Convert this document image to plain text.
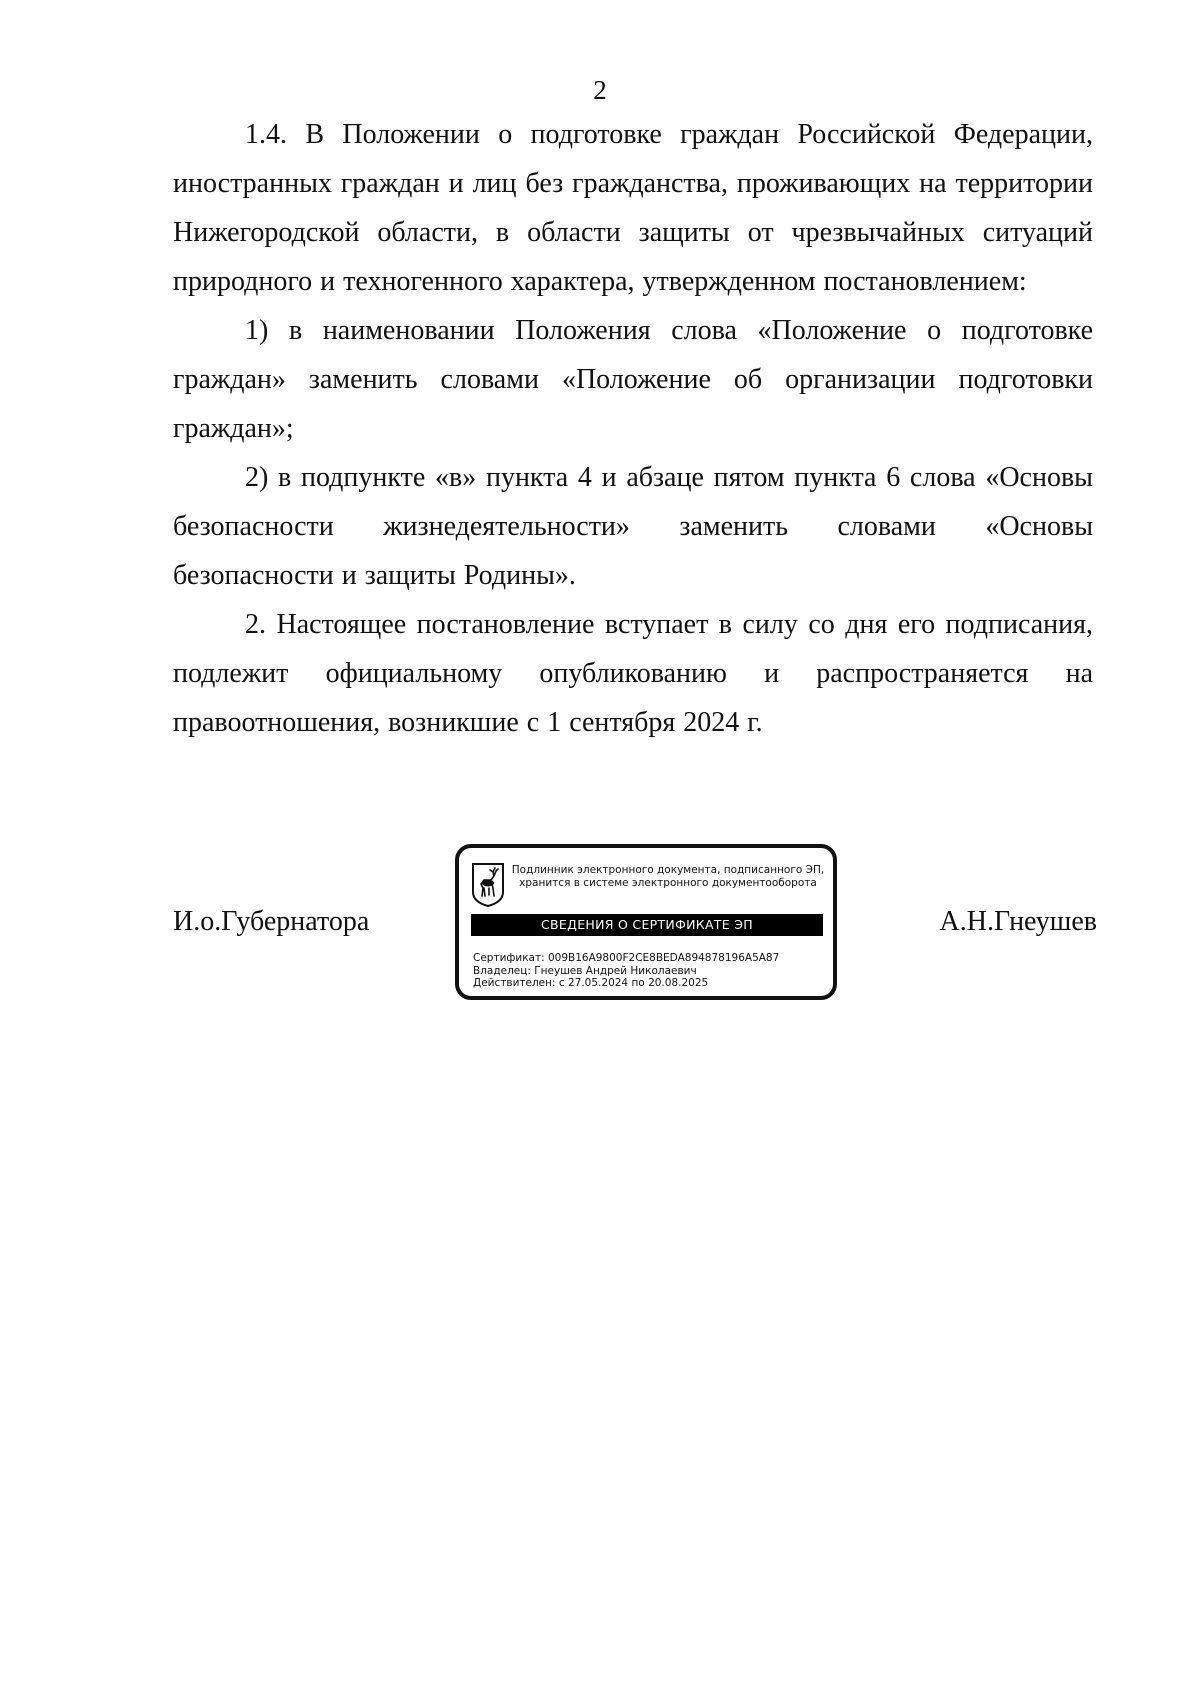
2

1.4. В Положении о подготовке граждан Российской Федерации, иностранных граждан и лиц без гражданства, проживающих на территории Нижегородской области, в области защиты от чрезвычайных ситуаций природного и техногенного характера, утвержденном постановлением:

1) в наименовании Положения слова «Положение о подготовке граждан» заменить словами «Положение об организации подготовки граждан»;

2) в подпункте «в» пункта 4 и абзаце пятом пункта 6 слова «Основы безопасности жизнедеятельности» заменить словами «Основы безопасности и защиты Родины».

2. Настоящее постановление вступает в силу со дня его подписания, подлежит официальному опубликованию и распространяется на правоотношения, возникшие с 1 сентября 2024 г.

И.о.Губернатора
Подлинник электронного документа, подписанного ЭП,
хранится в системе электронного документооборота
СВЕДЕНИЯ О СЕРТИФИКАТЕ ЭП
Сертификат: 009B16A9800F2CE8BEDA894878196A5A87
Владелец: Гнеушев Андрей Николаевич
Действителен: с 27.05.2024 по 20.08.2025
А.Н.Гнеушев
